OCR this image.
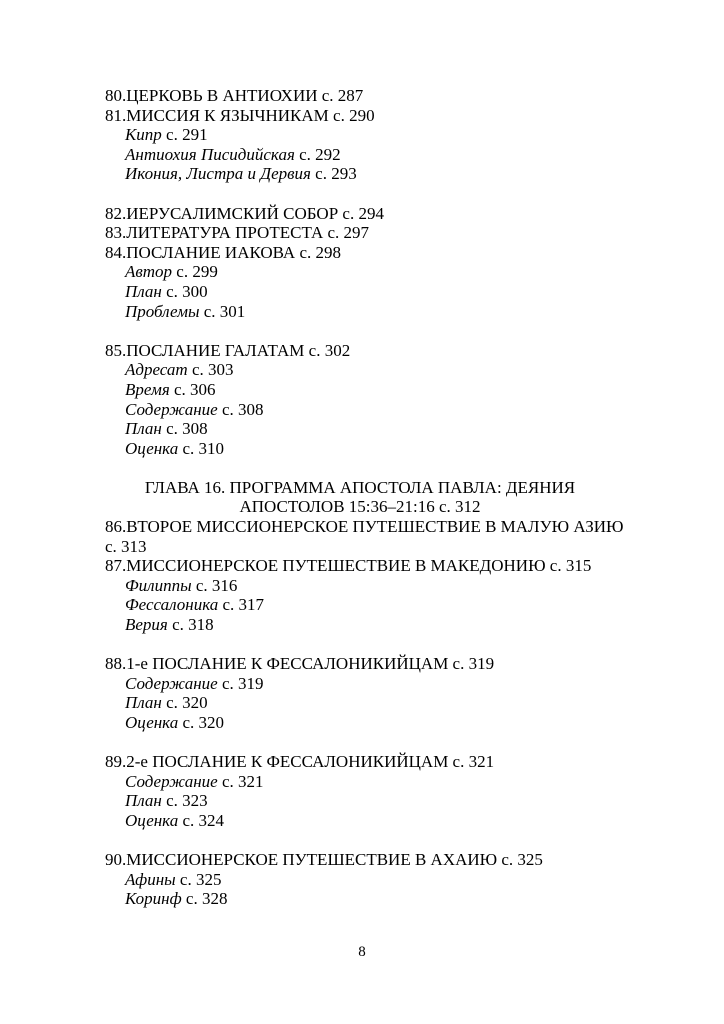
80.ЦЕРКОВЬ В АНТИОХИИ с. 287
81.МИССИЯ К ЯЗЫЧНИКАМ с. 290
Кипр с. 291
Антиохия Писидийская с. 292
Икония, Листра и Дервия с. 293
82.ИЕРУСАЛИМСКИЙ СОБОР с. 294
83.ЛИТЕРАТУРА ПРОТЕСТА с. 297
84.ПОСЛАНИЕ ИАКОВА с. 298
Автор с. 299
План с. 300
Проблемы с. 301
85.ПОСЛАНИЕ ГАЛАТАМ с. 302
Адресат с. 303
Время с. 306
Содержание с. 308
План с. 308
Оценка с. 310
ГЛАВА 16. ПРОГРАММА АПОСТОЛА ПАВЛА: ДЕЯНИЯ АПОСТОЛОВ 15:36–21:16 с. 312
86.ВТОРОЕ МИССИОНЕРСКОЕ ПУТЕШЕСТВИЕ В МАЛУЮ АЗИЮ с. 313
87.МИССИОНЕРСКОЕ ПУТЕШЕСТВИЕ В МАКЕДОНИЮ с. 315
Филиппы с. 316
Фессалоника с. 317
Верия с. 318
88.1-е ПОСЛАНИЕ К ФЕССАЛОНИКИЙЦАМ с. 319
Содержание с. 319
План с. 320
Оценка с. 320
89.2-е ПОСЛАНИЕ К ФЕССАЛОНИКИЙЦАМ с. 321
Содержание с. 321
План с. 323
Оценка с. 324
90.МИССИОНЕРСКОЕ ПУТЕШЕСТВИЕ В АХАИЮ с. 325
Афины с. 325
Коринф с. 328
8
